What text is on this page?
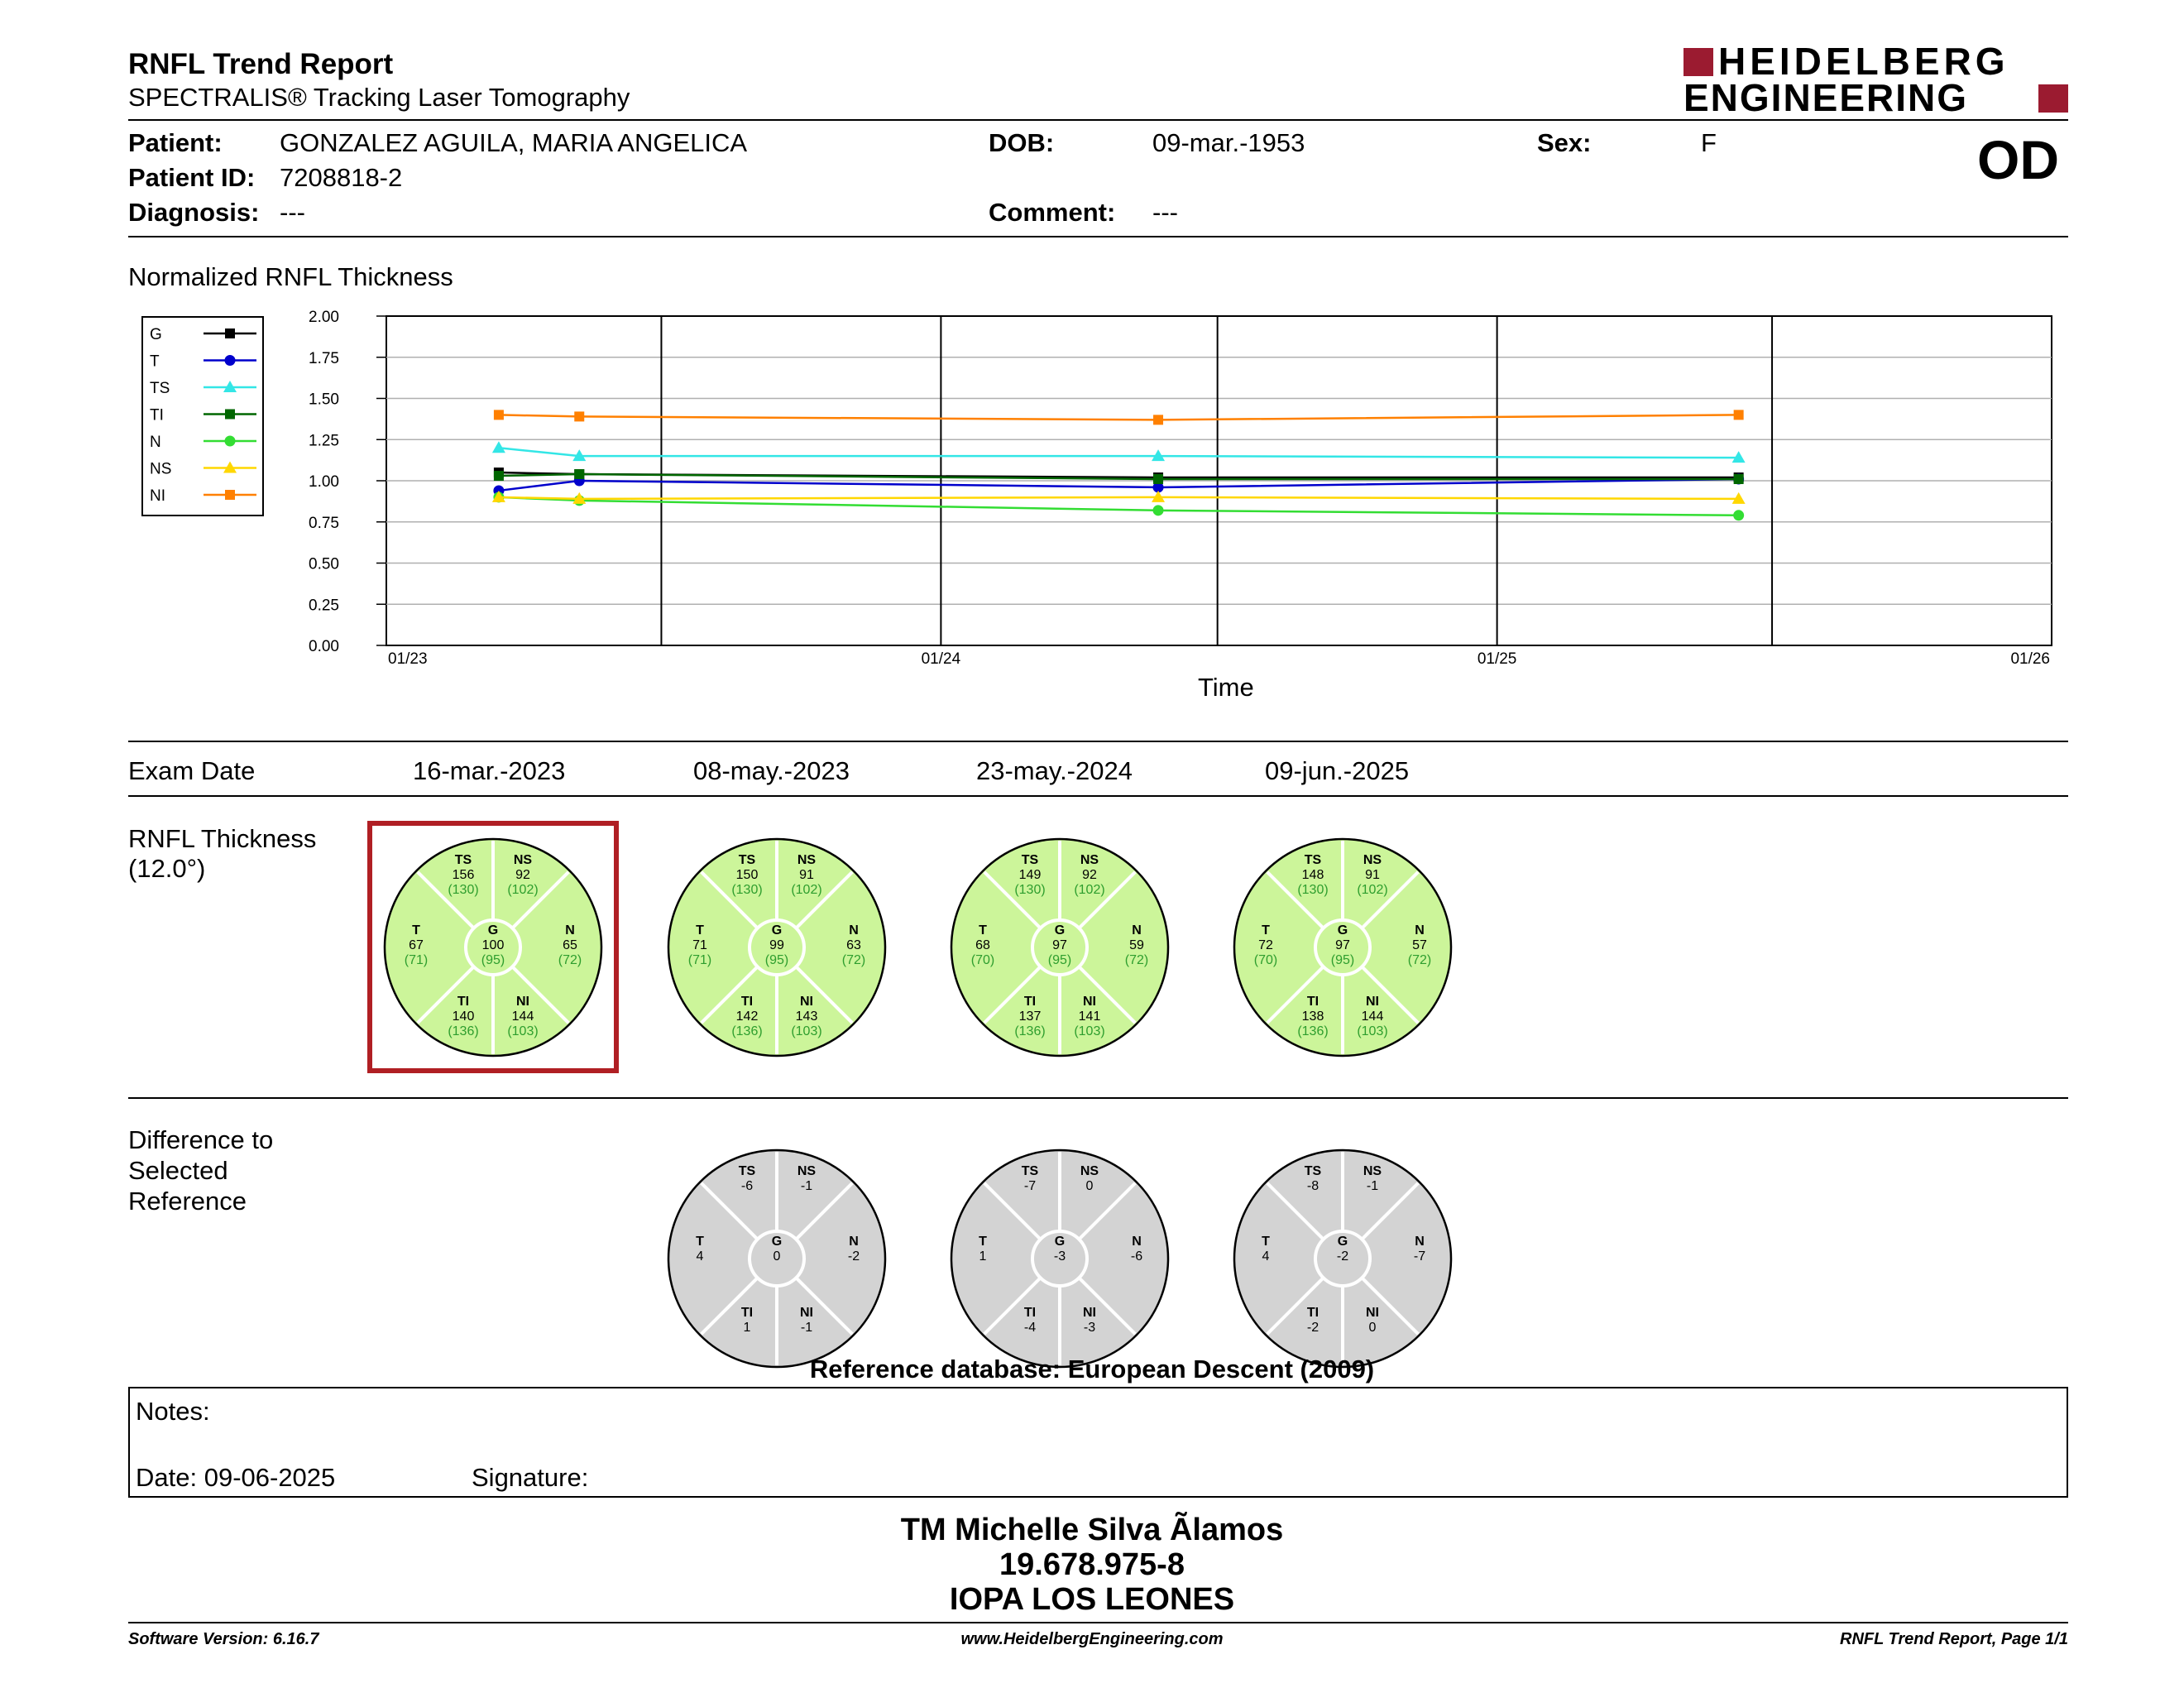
RNFL Trend Report
SPECTRALIS® Tracking Laser Tomography
HEIDELBERG
ENGINEERING
Patient: GONZALEZ AGUILA, MARIA ANGELICA	DOB:	09-mar.-1953	Sex:	F	OD
Patient ID: 7208818-2
Diagnosis: ---	Comment: ---
Normalized RNFL Thickness
G
T
TS
TI
N
NS
NI
0.00
0.25
0.50
0.75
1.00
1.25
1.50
1.75
2.00
01/23	01/24	01/25	01/26
Time
Exam Date	16-mar.-2023	08-may.-2023	23-may.-2024	09-jun.-2025
RNFL Thickness
(12.0°)	TS
156
(130)
NS
92
(102)
T
67
(71)
G
100
(95)
N
65
(72)
TI
140
(136)
NI
144
(103)
TS
150
(130)
NS
91
(102)
T
71
(71)
G
99
(95)
N
63
(72)
TI
142
(136)
NI
143
(103)
TS
149
(130)
NS
92
(102)
T
68
(70)
G
97
(95)
N
59
(72)
TI
137
(136)
NI
141
(103)
TS
148
(130)
NS
91
(102)
T
72
(70)
G
97
(95)
N
57
(72)
TI
138
(136)
NI
144
(103)
TS
-6
NS
-1
T
4
G
0
N
-2
TI
1
NI
-1
TS
-7
NS
0
T
1
G
-3
N
-6
TI
-4
NI
-3
TS
-8
NS
-1
T
4
G
-2
N
-7
TI
-2
NI
0
Difference to
Selected
Reference
Reference database: European Descent (2009)
Notes:
Date: 09-06-2025	Signature:
TM Michelle Silva Ãlamos
19.678.975-8
IOPA LOS LEONES
Software Version: 6.16.7	www.HeidelbergEngineering.com	RNFL Trend Report, Page 1/1
